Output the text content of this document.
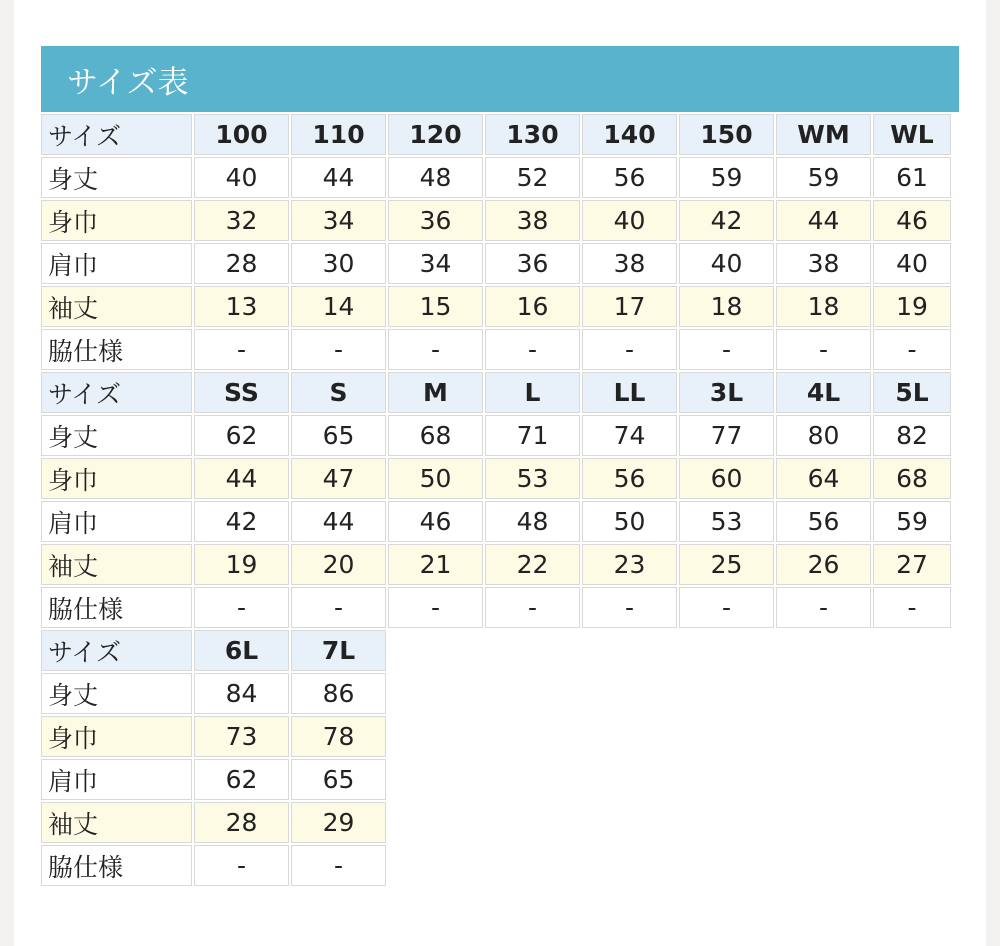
サイズ表
サイズ	100	110	120	130	140	150	WM	WL
身丈	40	44	48	52	56	59	59	61
身巾	32	34	36	38	40	42	44	46
肩巾	28	30	34	36	38	40	38	40
袖丈	13	14	15	16	17	18	18	19
脇仕様	-	-	-	-	-	-	-	-
サイズ	SS	S	M	L	LL	3L	4L	5L
身丈	62	65	68	71	74	77	80	82
身巾	44	47	50	53	56	60	64	68
肩巾	42	44	46	48	50	53	56	59
袖丈	19	20	21	22	23	25	26	27
脇仕様	-	-	-	-	-	-	-	-
サイズ	6L	7L						
身丈	84	86						
身巾	73	78						
肩巾	62	65						
袖丈	28	29						
脇仕様	-	-						
